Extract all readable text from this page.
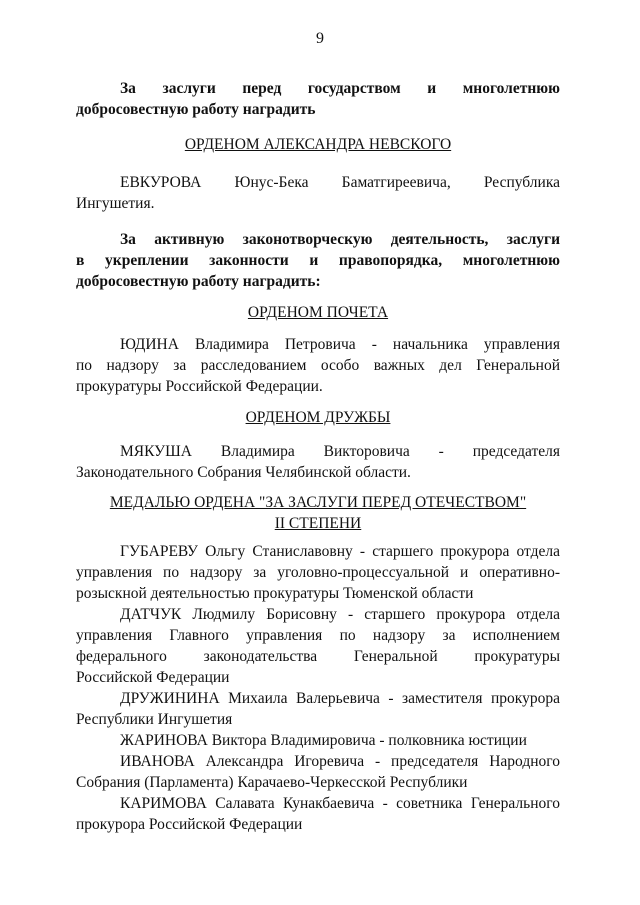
9
За заслуги перед государством и многолетнюю
добросовестную работу наградить
ОРДЕНОМ АЛЕКСАНДРА НЕВСКОГО
ЕВКУРОВА Юнус-Бека Баматгиреевича, Республика
Ингушетия.
За активную законотворческую деятельность, заслуги
в укреплении законности и правопорядка, многолетнюю
добросовестную работу наградить:
ОРДЕНОМ ПОЧЕТА
ЮДИНА Владимира Петровича - начальника управления
по надзору за расследованием особо важных дел Генеральной
прокуратуры Российской Федерации.
ОРДЕНОМ ДРУЖБЫ
МЯКУША Владимира Викторовича - председателя
Законодательного Собрания Челябинской области.
МЕДАЛЬЮ ОРДЕНА "ЗА ЗАСЛУГИ ПЕРЕД ОТЕЧЕСТВОМ"
II СТЕПЕНИ
ГУБАРЕВУ Ольгу Станиславовну - старшего прокурора отдела
управления по надзору за уголовно-процессуальной и оперативно-
розыскной деятельностью прокуратуры Тюменской области
ДАТЧУК Людмилу Борисовну - старшего прокурора отдела
управления Главного управления по надзору за исполнением
федерального законодательства Генеральной прокуратуры
Российской Федерации
ДРУЖИНИНА Михаила Валерьевича - заместителя прокурора
Республики Ингушетия
ЖАРИНОВА Виктора Владимировича - полковника юстиции
ИВАНОВА Александра Игоревича - председателя Народного
Собрания (Парламента) Карачаево-Черкесской Республики
КАРИМОВА Салавата Кунакбаевича - советника Генерального
прокурора Российской Федерации
